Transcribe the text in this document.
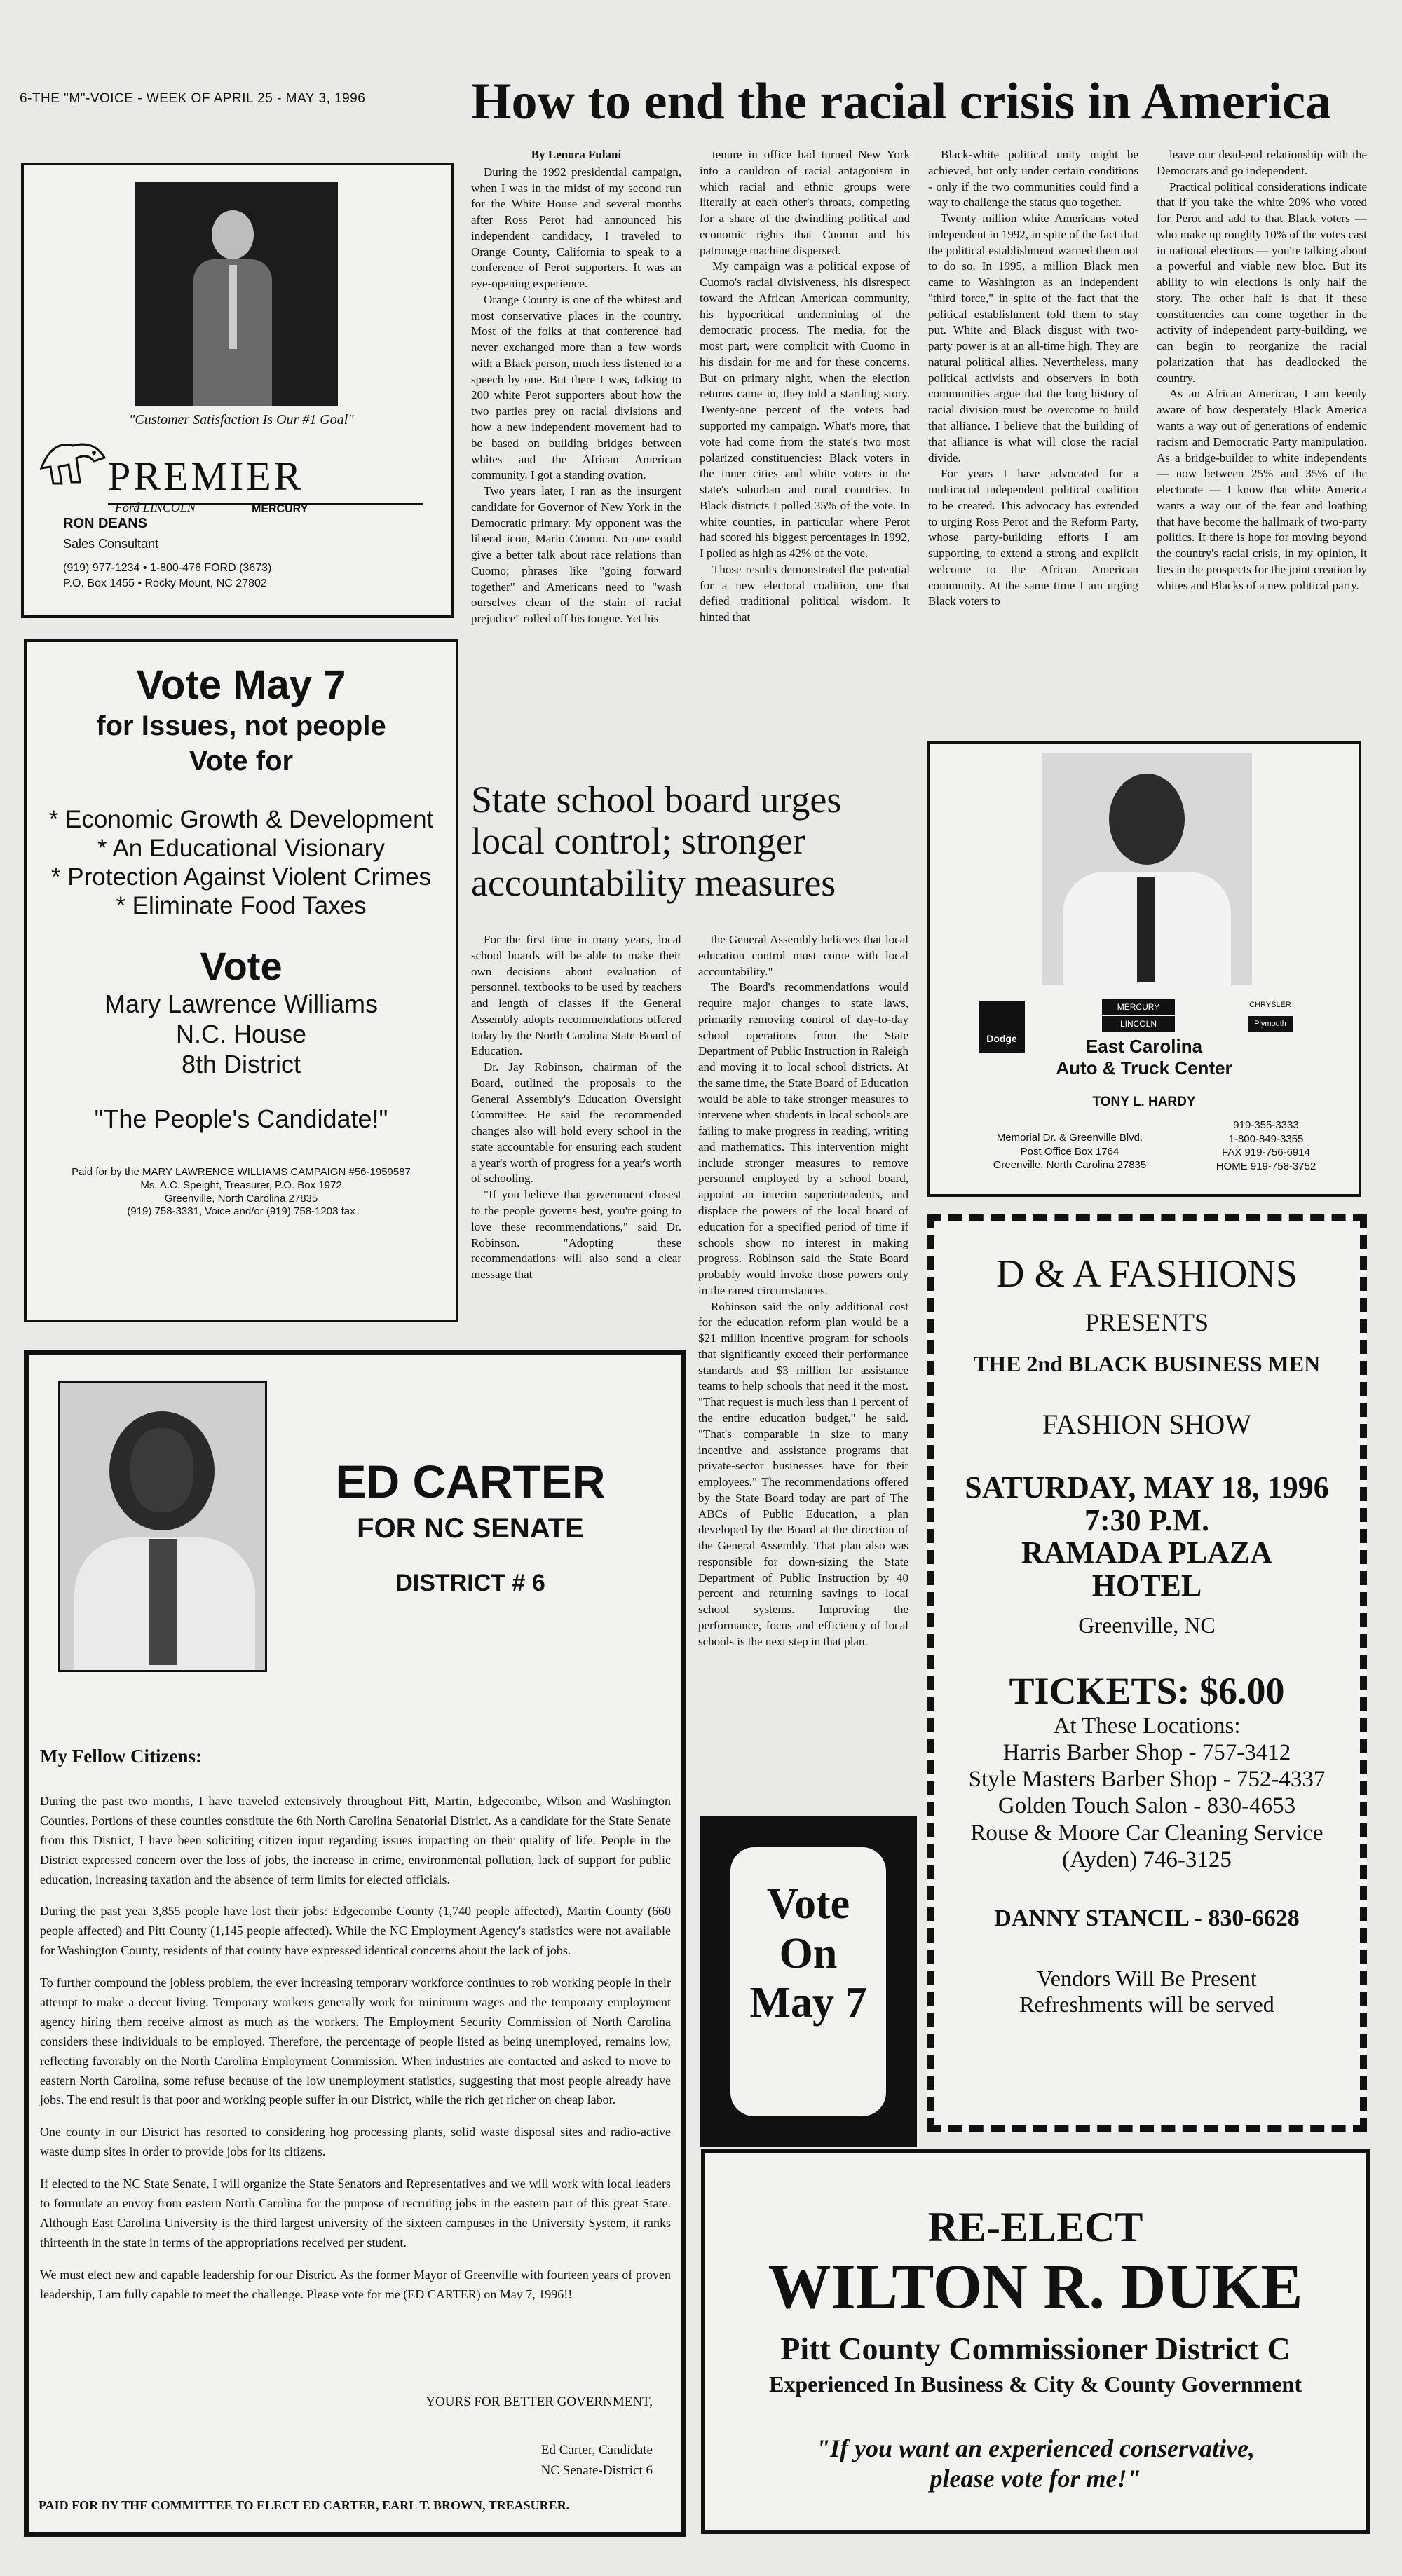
6-THE "M"-VOICE - WEEK OF APRIL 25 - MAY 3, 1996 How to end the racial crisis in America
By Lenora Fulani

During the 1992 presidential campaign, when I was in the midst of my second run for the White House and several months after Ross Perot had announced his independent candidacy, I traveled to Orange County, California to speak to a conference of Perot supporters. It was an eye-opening experience.

Orange County is one of the whitest and most conservative places in the country. Most of the folks at that conference had never exchanged more than a few words with a Black person, much less listened to a speech by one. But there I was, talking to 200 white Perot supporters about how the two parties prey on racial divisions and how a new independent movement had to be based on building bridges between whites and the African American community. I got a standing ovation.

Two years later, I ran as the insurgent candidate for Governor of New York in the Democratic primary. My opponent was the liberal icon, Mario Cuomo. No one could give a better talk about race relations than Cuomo; phrases like "going forward together" and Americans need to "wash ourselves clean of the stain of racial prejudice" rolled off his tongue. Yet his

tenure in office had turned New York into a cauldron of racial antagonism in which racial and ethnic groups were literally at each other's throats, competing for a share of the dwindling political and economic rights that Cuomo and his patronage machine dispersed.

My campaign was a political expose of Cuomo's racial divisiveness, his disrespect toward the African American community, his hypocritical undermining of the democratic process. The media, for the most part, were complicit with Cuomo in his disdain for me and for these concerns. But on primary night, when the election returns came in, they told a startling story. Twenty-one percent of the voters had supported my campaign. What's more, that vote had come from the state's two most polarized constituencies: Black voters in the inner cities and white voters in the state's suburban and rural countries. In Black districts I polled 35% of the vote. In white counties, in particular where Perot had scored his biggest percentages in 1992, I polled as high as 42% of the vote.

Those results demonstrated the potential for a new electoral coalition, one that defied traditional political wisdom. It hinted that

Black-white political unity might be achieved, but only under certain conditions - only if the two communities could find a way to challenge the status quo together.

Twenty million white Americans voted independent in 1992, in spite of the fact that the political establishment warned them not to do so. In 1995, a million Black men came to Washington as an independent "third force," in spite of the fact that the political establishment told them to stay put. White and Black disgust with two-party power is at an all-time high. They are natural political allies. Nevertheless, many political activists and observers in both communities argue that the long history of racial division must be overcome to build that alliance. I believe that the building of that alliance is what will close the racial divide.

For years I have advocated for a multiracial independent political coalition to be created. This advocacy has extended to urging Ross Perot and the Reform Party, whose party-building efforts I am supporting, to extend a strong and explicit welcome to the African American community. At the same time I am urging Black voters to

leave our dead-end relationship with the Democrats and go independent.

Practical political considerations indicate that if you take the white 20% who voted for Perot and add to that Black voters — who make up roughly 10% of the votes cast in national elections — you're talking about a powerful and viable new bloc. But its ability to win elections is only half the story. The other half is that if these constituencies can come together in the activity of independent party-building, we can begin to reorganize the racial polarization that has deadlocked the country.

As an African American, I am keenly aware of how desperately Black America wants a way out of generations of endemic racism and Democratic Party manipulation. As a bridge-builder to white independents — now between 25% and 35% of the electorate — I know that white America wants a way out of the fear and loathing that have become the hallmark of two-party politics. If there is hope for moving beyond the country's racial crisis, in my opinion, it lies in the prospects for the joint creation by whites and Blacks of a new political party.

State school board urges
local control; stronger
accountability measures

For the first time in many years, local school boards will be able to make their own decisions about evaluation of personnel, textbooks to be used by teachers and length of classes if the General Assembly adopts recommendations offered today by the North Carolina State Board of Education.

Dr. Jay Robinson, chairman of the Board, outlined the proposals to the General Assembly's Education Oversight Committee. He said the recommended changes also will hold every school in the state accountable for ensuring each student a year's worth of progress for a year's worth of schooling.

"If you believe that government closest to the people governs best, you're going to love these recommendations," said Dr. Robinson. "Adopting these recommendations will also send a clear message that

the General Assembly believes that local education control must come with local accountability."

The Board's recommendations would require major changes to state laws, primarily removing control of day-to-day school operations from the State Department of Public Instruction in Raleigh and moving it to local school districts. At the same time, the State Board of Education would be able to take stronger measures to intervene when students in local schools are failing to make progress in reading, writing and mathematics. This intervention might include stronger measures to remove personnel employed by a school board, appoint an interim superintendents, and displace the powers of the local board of education for a specified period of time if schools show no interest in making progress. Robinson said the State Board probably would invoke those powers only in the rarest circumstances.

Robinson said the only additional cost for the education reform plan would be a $21 million incentive program for schools that significantly exceed their performance standards and $3 million for assistance teams to help schools that need it the most. "That request is much less than 1 percent of the entire education budget," he said. "That's comparable in size to many incentive and assistance programs that private-sector businesses have for their employees." The recommendations offered by the State Board today are part of The ABCs of Public Education, a plan developed by the Board at the direction of the General Assembly. That plan also was responsible for down-sizing the State Department of Public Instruction by 40 percent and returning savings to local school systems. Improving the performance, focus and efficiency of local schools is the next step in that plan.

"Customer Satisfaction Is Our #1 Goal"
PREMIER
Ford LINCOLN	MERCURY
RON DEANS
Sales Consultant
(919) 977-1234 • 1-800-476 FORD (3673)
P.O. Box 1455 • Rocky Mount, NC 27802
Vote May 7
for Issues, not people
Vote for
* Economic Growth & Development
* An Educational Visionary
* Protection Against Violent Crimes
* Eliminate Food Taxes
Vote
Mary Lawrence Williams
N.C. House
8th District
"The People's Candidate!"
Paid for by the MARY LAWRENCE WILLIAMS CAMPAIGN #56-1959587
Ms. A.C. Speight, Treasurer, P.O. Box 1972
Greenville, North Carolina 27835
(919) 758-3331, Voice and/or (919) 758-1203 fax
ED CARTER
FOR NC SENATE
DISTRICT # 6
My Fellow Citizens:
During the past two months, I have traveled extensively throughout Pitt, Martin, Edgecombe, Wilson and Washington Counties. Portions of these counties constitute the 6th North Carolina Senatorial District. As a candidate for the State Senate from this District, I have been soliciting citizen input regarding issues impacting on their quality of life. People in the District expressed concern over the loss of jobs, the increase in crime, environmental pollution, lack of support for public education, increasing taxation and the absence of term limits for elected officials.
During the past year 3,855 people have lost their jobs: Edgecombe County (1,740 people affected), Martin County (660 people affected) and Pitt County (1,145 people affected). While the NC Employment Agency's statistics were not available for Washington County, residents of that county have expressed identical concerns about the lack of jobs.
To further compound the jobless problem, the ever increasing temporary workforce continues to rob working people in their attempt to make a decent living. Temporary workers generally work for minimum wages and the temporary employment agency hiring them receive almost as much as the workers. The Employment Security Commission of North Carolina considers these individuals to be employed. Therefore, the percentage of people listed as being unemployed, remains low, reflecting favorably on the North Carolina Employment Commission. When industries are contacted and asked to move to eastern North Carolina, some refuse because of the low unemployment statistics, suggesting that most people already have jobs. The end result is that poor and working people suffer in our District, while the rich get richer on cheap labor.
One county in our District has resorted to considering hog processing plants, solid waste disposal sites and radio-active waste dump sites in order to provide jobs for its citizens.
If elected to the NC State Senate, I will organize the State Senators and Representatives and we will work with local leaders to formulate an envoy from eastern North Carolina for the purpose of recruiting jobs in the eastern part of this great State. Although East Carolina University is the third largest university of the sixteen campuses in the University System, it ranks thirteenth in the state in terms of the appropriations received per student.
We must elect new and capable leadership for our District. As the former Mayor of Greenville with fourteen years of proven leadership, I am fully capable to meet the challenge. Please vote for me (ED CARTER) on May 7, 1996!!
YOURS FOR BETTER GOVERNMENT,
Ed Carter, Candidate
NC Senate-District 6
PAID FOR BY THE COMMITTEE TO ELECT ED CARTER, EARL T. BROWN, TREASURER.
Dodge
MERCURY
LINCOLN
CHRYSLER
Plymouth
East Carolina
Auto & Truck Center
TONY L. HARDY
Memorial Dr. & Greenville Blvd.
Post Office Box 1764
Greenville, North Carolina 27835
919-355-3333
1-800-849-3355
FAX 919-756-6914
HOME 919-758-3752
D & A FASHIONS
PRESENTS
THE 2nd BLACK BUSINESS MEN
FASHION SHOW
SATURDAY, MAY 18, 1996
7:30 P.M.
RAMADA PLAZA
HOTEL
Greenville, NC
TICKETS: $6.00
At These Locations:
Harris Barber Shop - 757-3412
Style Masters Barber Shop - 752-4337
Golden Touch Salon - 830-4653
Rouse & Moore Car Cleaning Service
(Ayden) 746-3125
DANNY STANCIL - 830-6628
Vendors Will Be Present
Refreshments will be served
Vote
On
May 7
RE-ELECT
WILTON R. DUKE
Pitt County Commissioner District C
Experienced In Business & City & County Government
"If you want an experienced conservative,
please vote for me!"
